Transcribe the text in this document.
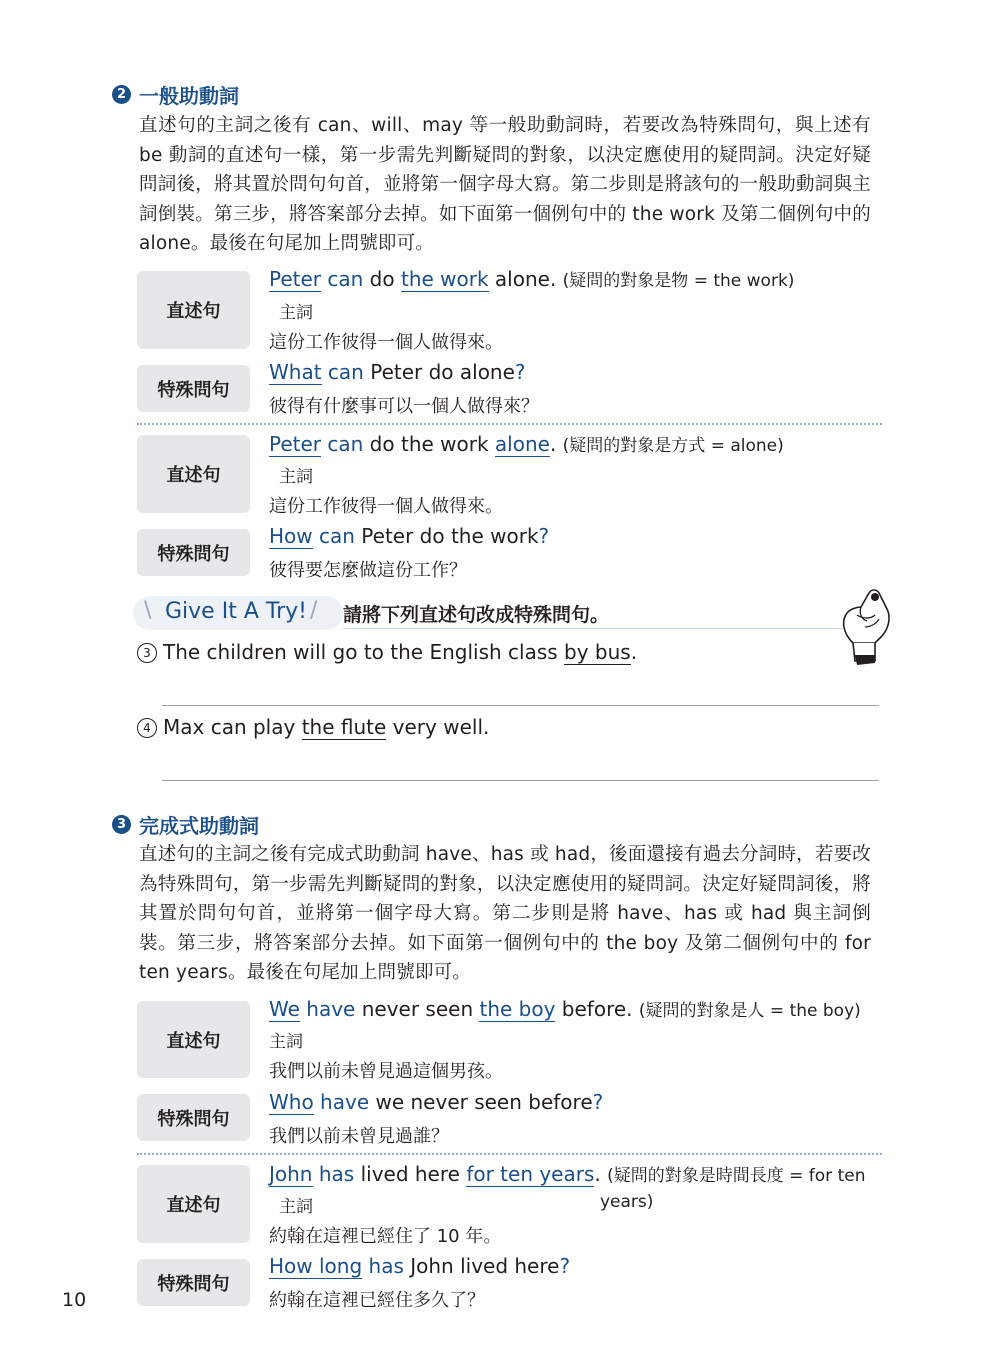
2 一般助動詞
直述句的主詞之後有 can、will、may 等一般助動詞時，若要改為特殊問句，與上述有 be 動詞的直述句一樣，第一步需先判斷疑問的對象，以決定應使用的疑問詞。決定好疑問詞後，將其置於問句句首，並將第一個字母大寫。第二步則是將該句的一般助動詞與主詞倒裝。第三步，將答案部分去掉。如下面第一個例句中的 the work 及第二個例句中的 alone。最後在句尾加上問號即可。
直述句
Peter can do the work alone. (疑問的對象是物 = the work)
主詞
這份工作彼得一個人做得來。
特殊問句
What can Peter do alone?
彼得有什麼事可以一個人做得來？
直述句
Peter can do the work alone. (疑問的對象是方式 = alone)
主詞
這份工作彼得一個人做得來。
特殊問句
How can Peter do the work?
彼得要怎麼做這份工作？
\ Give It A Try! / 請將下列直述句改成特殊問句。
3 The children will go to the English class by bus.
4 Max can play the flute very well.
3 完成式助動詞
直述句的主詞之後有完成式助動詞 have、has 或 had，後面還接有過去分詞時，若要改為特殊問句，第一步需先判斷疑問的對象，以決定應使用的疑問詞。決定好疑問詞後，將其置於問句句首，並將第一個字母大寫。第二步則是將 have、has 或 had 與主詞倒裝。第三步，將答案部分去掉。如下面第一個例句中的 the boy 及第二個例句中的 for ten years。最後在句尾加上問號即可。
直述句
We have never seen the boy before. (疑問的對象是人 = the boy)
主詞
我們以前未曾見過這個男孩。
特殊問句
Who have we never seen before?
我們以前未曾見過誰？
直述句
John has lived here for ten years. (疑問的對象是時間長度 = for ten
years)
主詞
約翰在這裡已經住了 10 年。
特殊問句
How long has John lived here?
約翰在這裡已經住多久了？
10
